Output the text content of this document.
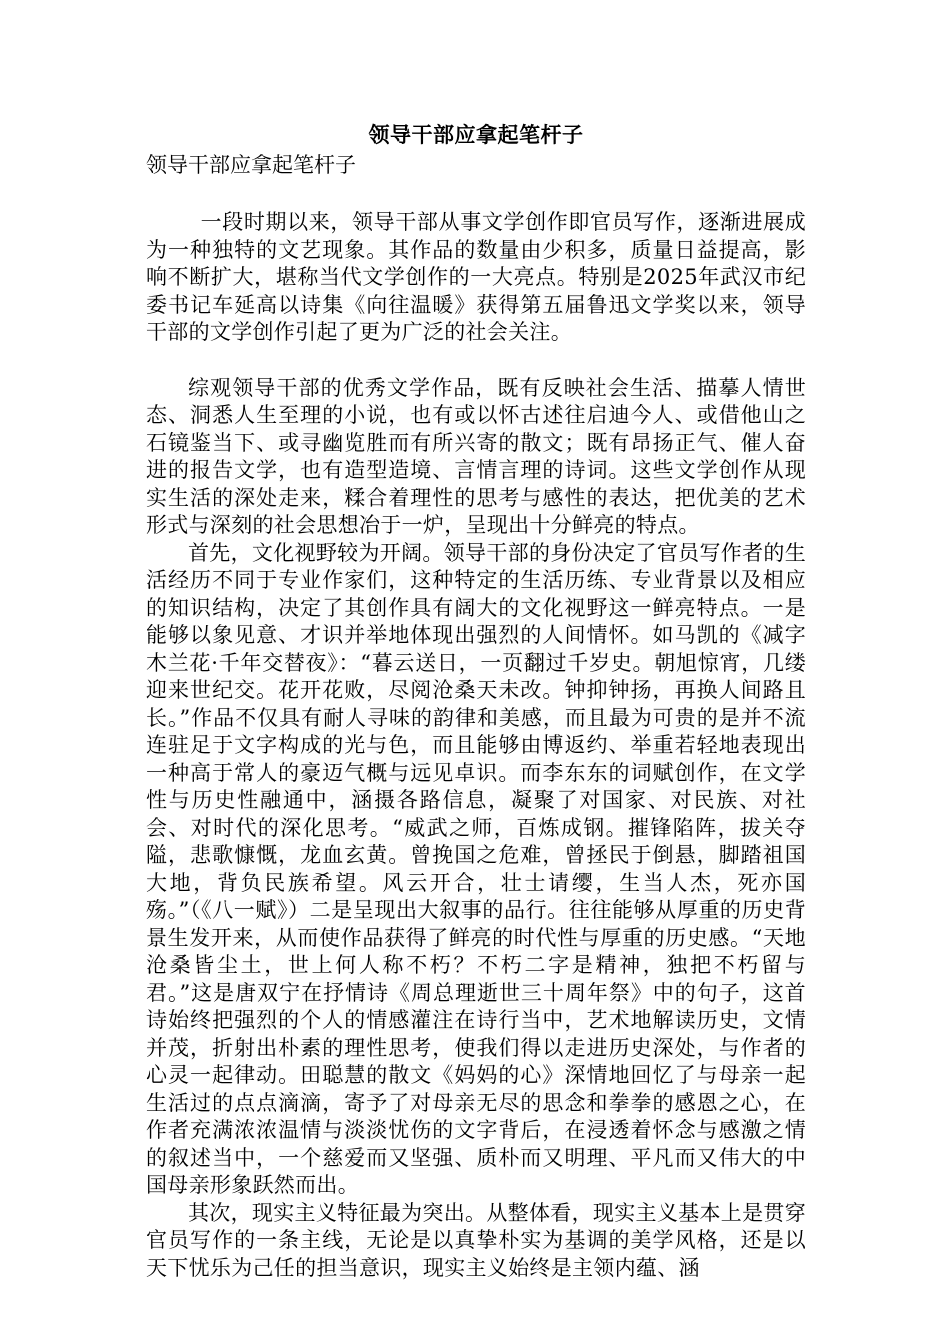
领导干部应拿起笔杆子

领导干部应拿起笔杆子

一段时期以来，领导干部从事文学创作即官员写作，逐渐进展成为一种独特的文艺现象。其作品的数量由少积多，质量日益提高，影响不断扩大，堪称当代文学创作的一大亮点。特别是2025年武汉市纪委书记车延高以诗集《向往温暖》获得第五届鲁迅文学奖以来，领导干部的文学创作引起了更为广泛的社会关注。

综观领导干部的优秀文学作品，既有反映社会生活、描摹人情世态、洞悉人生至理的小说，也有或以怀古述往启迪今人、或借他山之石镜鉴当下、或寻幽览胜而有所兴寄的散文；既有昂扬正气、催人奋进的报告文学，也有造型造境、言情言理的诗词。这些文学创作从现实生活的深处走来，糅合着理性的思考与感性的表达，把优美的艺术形式与深刻的社会思想冶于一炉，呈现出十分鲜亮的特点。

首先，文化视野较为开阔。领导干部的身份决定了官员写作者的生活经历不同于专业作家们，这种特定的生活历练、专业背景以及相应的知识结构，决定了其创作具有阔大的文化视野这一鲜亮特点。一是能够以象见意、才识并举地体现出强烈的人间情怀。如马凯的《减字木兰花·千年交替夜》：“暮云送日，一页翻过千岁史。朝旭惊宵，几缕迎来世纪交。花开花败，尽阅沧桑天未改。钟抑钟扬，再换人间路且长。”作品不仅具有耐人寻味的韵律和美感，而且最为可贵的是并不流连驻足于文字构成的光与色，而且能够由博返约、举重若轻地表现出一种高于常人的豪迈气概与远见卓识。而李东东的词赋创作，在文学性与历史性融通中，涵摄各路信息，凝聚了对国家、对民族、对社会、对时代的深化思考。“威武之师，百炼成钢。摧锋陷阵，拔关夺隘，悲歌慷慨，龙血玄黄。曾挽国之危难，曾拯民于倒悬，脚踏祖国大地，背负民族希望。风云开合，壮士请缨，生当人杰，死亦国殇。”（《八一赋》）二是呈现出大叙事的品行。往往能够从厚重的历史背景生发开来，从而使作品获得了鲜亮的时代性与厚重的历史感。“天地沧桑皆尘土，世上何人称不朽？不朽二字是精神，独把不朽留与君。”这是唐双宁在抒情诗《周总理逝世三十周年祭》中的句子，这首诗始终把强烈的个人的情感灌注在诗行当中，艺术地解读历史，文情并茂，折射出朴素的理性思考，使我们得以走进历史深处，与作者的心灵一起律动。田聪慧的散文《妈妈的心》深情地回忆了与母亲一起生活过的点点滴滴，寄予了对母亲无尽的思念和拳拳的感恩之心，在作者充满浓浓温情与淡淡忧伤的文字背后，在浸透着怀念与感激之情的叙述当中，一个慈爱而又坚强、质朴而又明理、平凡而又伟大的中国母亲形象跃然而出。

其次，现实主义特征最为突出。从整体看，现实主义基本上是贯穿官员写作的一条主线，无论是以真挚朴实为基调的美学风格，还是以天下忧乐为己任的担当意识，现实主义始终是主领内蕴、涵
